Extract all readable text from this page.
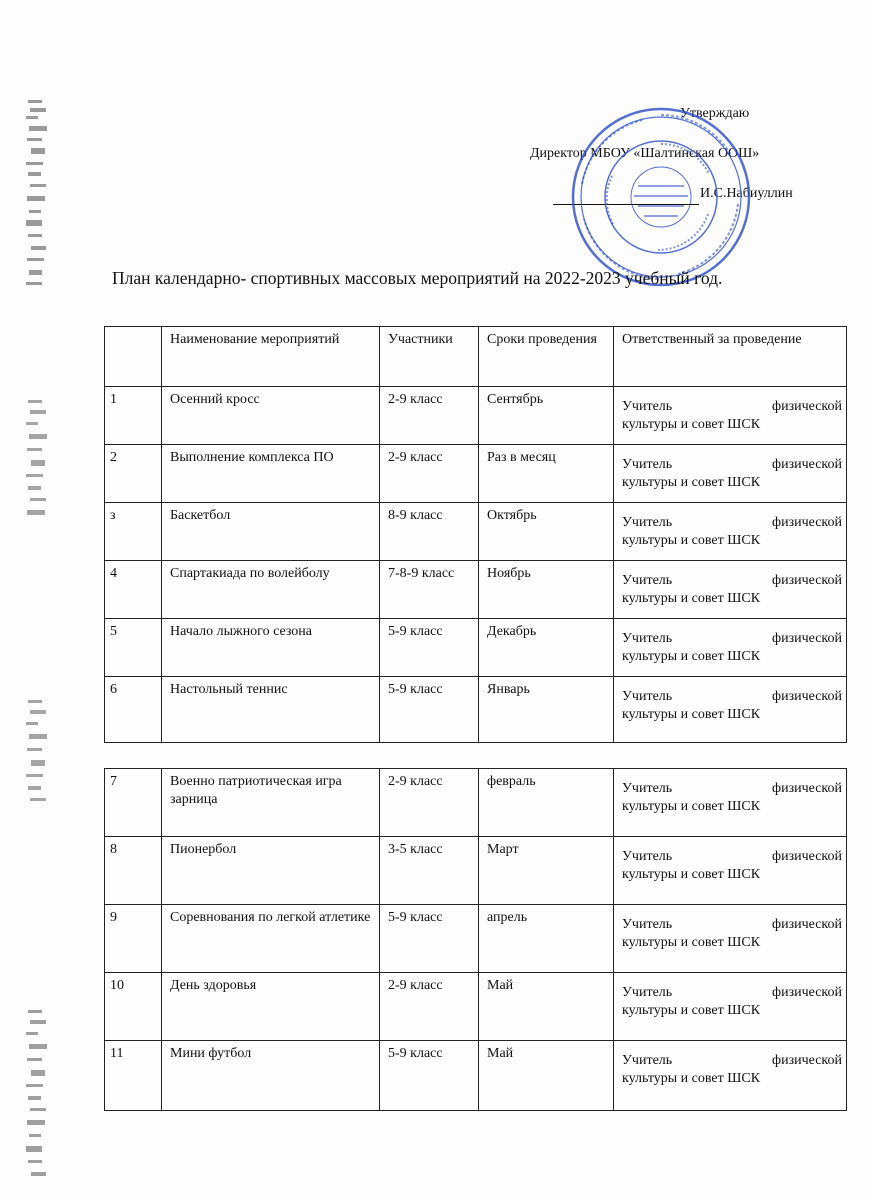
Утверждаю
Директор МБОУ «Шалтинская ООШ»
И.С.Набиуллин
План календарно- спортивных массовых мероприятий на 2022-2023 учебный год.
	Наименование мероприятий	Участники	Сроки проведения	Ответственный за проведение
1	Осенний кросс	2-9 класс	Сентябрь	Учитель физической
культуры и совет ШСК

2	Выполнение комплекса ПО	2-9 класс	Раз в месяц	Учитель физической
культуры и совет ШСК

з	Баскетбол	8-9 класс	Октябрь	Учитель физической
культуры и совет ШСК

4	Спартакиада по волейболу	7-8-9 класс	Ноябрь	Учитель физической
культуры и совет ШСК

5	Начало лыжного сезона	5-9 класс	Декабрь	Учитель физической
культуры и совет ШСК

6	Настольный теннис	5-9 класс	Январь	Учитель физической
культуры и совет ШСК
7	Военно патриотическая игра зарница	2-9 класс	февраль	Учитель физической
культуры и совет ШСК

8	Пионербол	3-5 класс	Март	Учитель физической
культуры и совет ШСК

9	Соревнования по легкой атлетике	5-9 класс	апрель	Учитель физической
культуры и совет ШСК

10	День здоровья	2-9 класс	Май	Учитель физической
культуры и совет ШСК

11	Мини футбол	5-9 класс	Май	Учитель физической
культуры и совет ШСК
